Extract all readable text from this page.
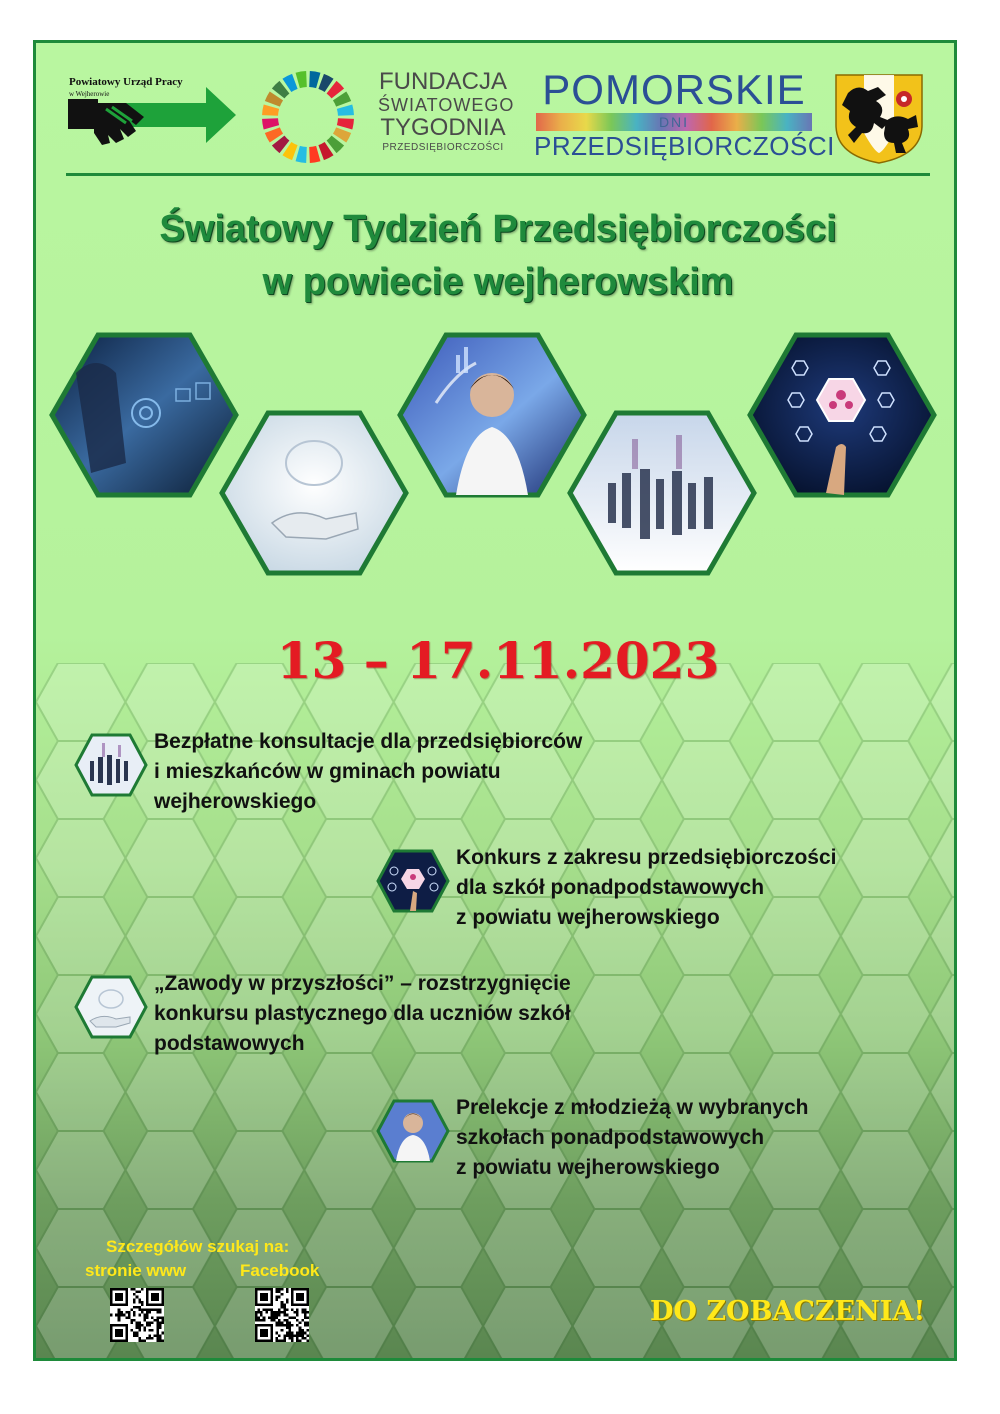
Powiatowy Urząd Pracy
w Wejherowie	FUNDACJA
ŚWIATOWEGO
TYGODNIA
PRZEDSIĘBIORCZOŚCI
POMORSKIE
DNI
PRZEDSIĘBIORCZOŚCI
Światowy Tydzień Przedsiębiorczości
w powiecie wejherowskim
13 – 17.11.2023
Bezpłatne konsultacje dla przedsiębiorców
i mieszkańców w gminach powiatu
wejherowskiego
Konkurs z zakresu przedsiębiorczości
dla szkół ponadpodstawowych
z powiatu wejherowskiego
„Zawody w przyszłości” – rozstrzygnięcie
konkursu plastycznego dla uczniów szkół
podstawowych
Prelekcje z młodzieżą w wybranych
szkołach ponadpodstawowych
z powiatu wejherowskiego
Szczegółów szukaj na:
stronie www	Facebook
DO ZOBACZENIA!
